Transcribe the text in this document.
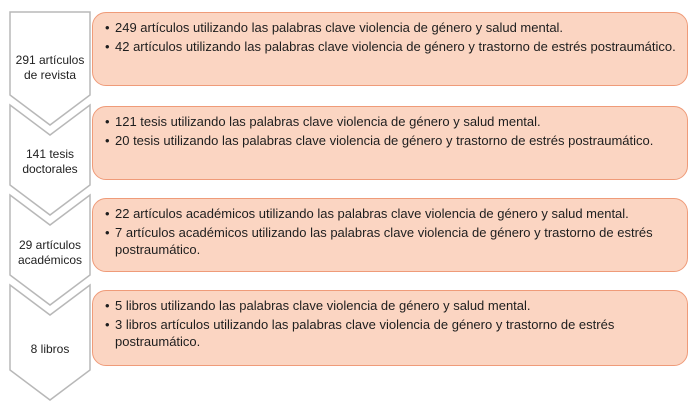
291 artículos de revista
• 249 artículos utilizando las palabras clave violencia de género y salud mental.
• 42 artículos utilizando las palabras clave violencia de género y trastorno de estrés postraumático.
141 tesis doctorales
• 121 tesis utilizando las palabras clave violencia de género y salud mental.
• 20 tesis utilizando las palabras clave violencia de género y trastorno de estrés postraumático.
29 artículos académicos
• 22 artículos académicos utilizando las palabras clave violencia de género y salud mental.
• 7 artículos académicos utilizando las palabras clave violencia de género y trastorno de estrés postraumático.
8 libros
• 5 libros utilizando las palabras clave violencia de género y salud mental.
• 3 libros artículos utilizando las palabras clave violencia de género y trastorno de estrés postraumático.
